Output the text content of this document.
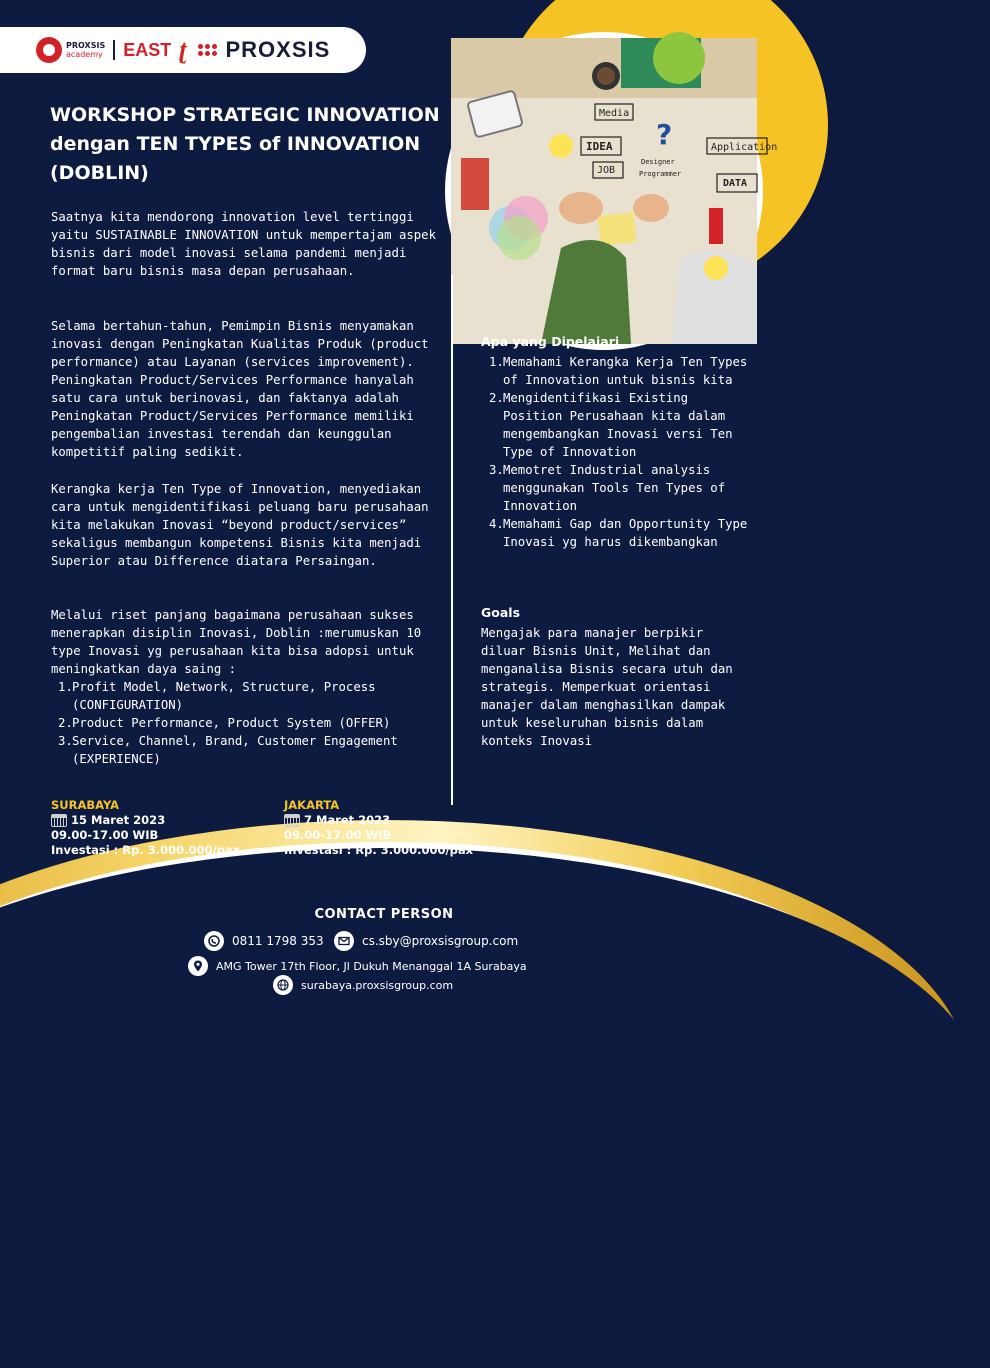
PROXSIS
academy EAST ʈ PROXSIS
Media
IDEA ?	Application
JOB
Designer
Programmer
DATA
WORKSHOP STRATEGIC INNOVATION dengan TEN TYPES of INNOVATION (DOBLIN)

Saatnya kita mendorong innovation level tertinggi yaitu SUSTAINABLE INNOVATION untuk mempertajam aspek bisnis dari model inovasi selama pandemi menjadi format baru bisnis masa depan perusahaan.

Selama bertahun-tahun, Pemimpin Bisnis menyamakan inovasi dengan Peningkatan Kualitas Produk (product performance) atau Layanan (services improvement). Peningkatan Product/Services Performance hanyalah satu cara untuk berinovasi, dan faktanya adalah Peningkatan Product/Services Performance memiliki pengembalian investasi terendah dan keunggulan kompetitif paling sedikit.

Kerangka kerja Ten Type of Innovation, menyediakan cara untuk mengidentifikasi peluang baru perusahaan kita melakukan Inovasi “beyond product/services” sekaligus membangun kompetensi Bisnis kita menjadi Superior atau Difference diatara Persaingan.

Melalui riset panjang bagaimana perusahaan sukses menerapkan disiplin Inovasi, Doblin :merumuskan 10 type Inovasi yg perusahaan kita bisa adopsi untuk meningkatkan daya saing :

1. Profit Model, Network, Structure, Process (CONFIGURATION)
2. Product Performance, Product System (OFFER)
3. Service, Channel, Brand, Customer Engagement (EXPERIENCE)
Apa yang Dipelajari
1. Memahami Kerangka Kerja Ten Types of Innovation untuk bisnis kita
2. Mengidentifikasi Existing Position Perusahaan kita dalam mengembangkan Inovasi versi Ten Type of Innovation
3. Memotret Industrial analysis menggunakan Tools Ten Types of Innovation
4. Memahami Gap dan Opportunity Type Inovasi yg harus dikembangkan
Goals

Mengajak para manajer berpikir diluar Bisnis Unit, Melihat dan menganalisa Bisnis secara utuh dan strategis. Memperkuat orientasi manajer dalam menghasilkan dampak untuk keseluruhan bisnis dalam konteks Inovasi

SURABAYA
15 Maret 2023
09.00-17.00 WIB
Investasi : Rp. 3.000.000/pax
JAKARTA
7 Maret 2023
09.00-17.00 WIB
Investasi : Rp. 3.000.000/pax
CONTACT PERSON
0811 1798 353	cs.sby@proxsisgroup.com
AMG Tower 17th Floor, Jl Dukuh Menanggal 1A Surabaya
surabaya.proxsisgroup.com
